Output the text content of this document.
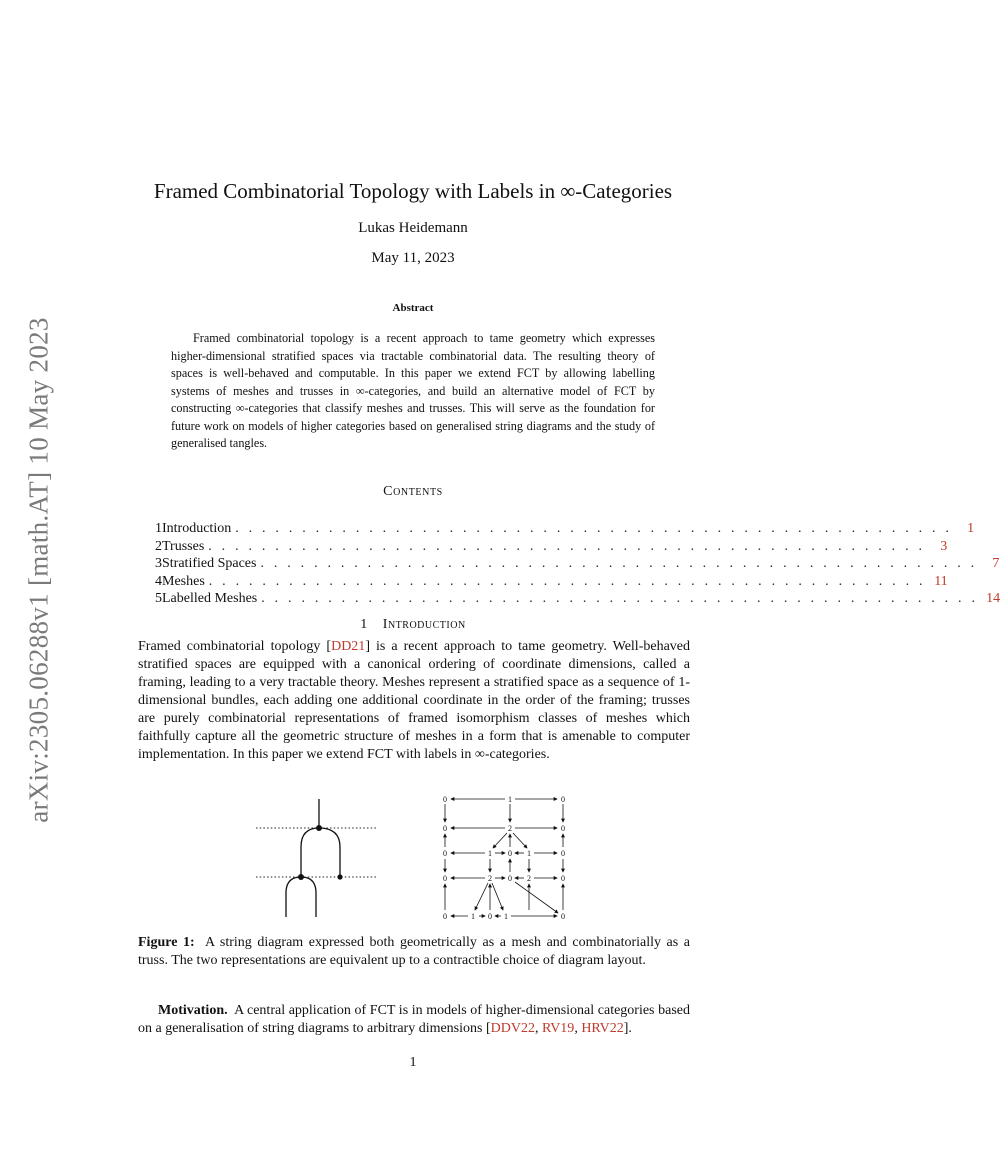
arXiv:2305.06288v1 [math.AT] 10 May 2023
Framed Combinatorial Topology with Labels in ∞-Categories
Lukas Heidemann
May 11, 2023
Abstract

Framed combinatorial topology is a recent approach to tame geometry which expresses higher-dimensional stratified spaces via tractable combinatorial data. The resulting theory of spaces is well-behaved and computable. In this paper we extend FCT by allowing labelling systems of meshes and trusses in ∞-categories, and build an alternative model of FCT by constructing ∞-categories that classify meshes and trusses. This will serve as the foundation for future work on models of higher categories based on generalised string diagrams and the study of generalised tangles.

Contents
1 Introduction . . . . . . . . . . . . . . . . . . . . . . . . . . . . . . . . . . . . . . . . . . . . . . . . . . . . . .	1
2 Trusses . . . . . . . . . . . . . . . . . . . . . . . . . . . . . . . . . . . . . . . . . . . . . . . . . . . . . .	3
3 Stratified Spaces . . . . . . . . . . . . . . . . . . . . . . . . . . . . . . . . . . . . . . . . . . . . . . . . . . . . . .	7
4 Meshes . . . . . . . . . . . . . . . . . . . . . . . . . . . . . . . . . . . . . . . . . . . . . . . . . . . . . . 11
5 Labelled Meshes . . . . . . . . . . . . . . . . . . . . . . . . . . . . . . . . . . . . . . . . . . . . . . . . . . . . . . 14
1 Introduction

Framed combinatorial topology [DD21] is a recent approach to tame geometry. Well-behaved stratified spaces are equipped with a canonical ordering of coordinate dimensions, called a framing, leading to a very tractable theory. Meshes represent a stratified space as a sequence of 1-dimensional bundles, each adding one additional coordinate in the order of the framing; trusses are purely combinatorial representations of framed isomorphism classes of meshes which faithfully capture all the geometric structure of meshes in a form that is amenable to computer implementation. In this paper we extend FCT with labels in ∞-categories.

0	1	0
0	2	0
0	1 0 1	0
0	2 0 2	0
0	1 0 1	0

Figure 1: A string diagram expressed both geometrically as a mesh and combinatorially as a truss. The two representations are equivalent up to a contractible choice of diagram layout.

Motivation. A central application of FCT is in models of higher-dimensional categories based on a generalisation of string diagrams to arbitrary dimensions [DDV22, RV19, HRV22].

1
